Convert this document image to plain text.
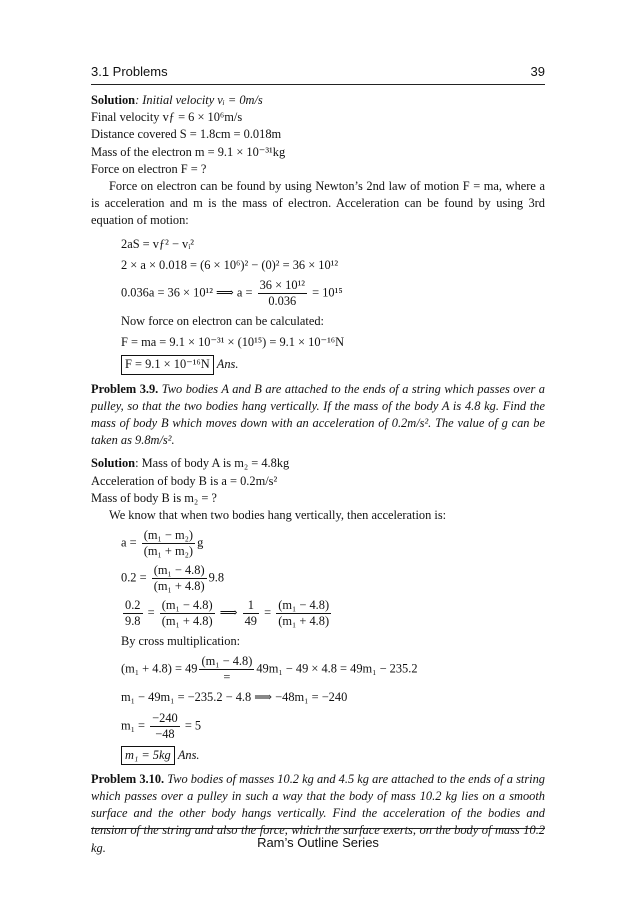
3.1 Problems	39
Solution: Initial velocity vᵢ = 0m/s
Final velocity vƒ = 6 × 10⁶m/s
Distance covered S = 1.8cm = 0.018m
Mass of the electron m = 9.1 × 10⁻³¹kg
Force on electron F = ?
Force on electron can be found by using Newton’s 2nd law of motion F = ma, where a is acceleration and m is the mass of electron. Acceleration can be found by using 3rd equation of motion:
2aS = vƒ² − vᵢ²
2 × a × 0.018 = (6 × 10⁶)² − (0)² = 36 × 10¹²
0.036a = 36 × 10¹² ⟹ $a = \frac{\text{36 × 10¹²}}{0.036} = 10^{15}$
Now force on electron can be calculated:
F = ma = 9.1 × 10⁻³¹ × (10¹⁵) = 9.1 × 10⁻¹⁶N
F = 9.1 × 10⁻¹⁶N Ans.
Problem 3.9. Two bodies A and B are attached to the ends of a string which passes over a pulley, so that the two bodies hang vertically. If the mass of the body A is 4.8 kg. Find the mass of body B which moves down with an acceleration of 0.2m/s². The value of g can be taken as 9.8m/s².
Solution: Mass of body A is m₂ = 4.8kg
Acceleration of body B is a = 0.2m/s²
Mass of body B is m₂ = ?
We know that when two bodies hang vertically, then acceleration is:
$a = \frac{\text{(m₁ − m₂)}}{\text{(m₁ + m₂)}}$ g
$0.2 = \frac{\text{(m₁ − 4.8)}}{\text{(m₁ + 4.8)}} 9.8$
$\frac{0.2}{9.8} = \frac{\text{(m₁ − 4.8)}}{\text{(m₁ + 4.8)}}$ ⟹ $\frac{1}{49} = \frac{\text{(m₁ − 4.8)}}{\text{(m₁ + 4.8)}}$
By cross multiplication:
$(m_1 + 4.8) = 49 \frac{\text{(m₁ − 4.8)}}{=} 49m_1 - 49 \times 4.8 = 49m_1 - 235.2$
m₁ − 49m₁ = −235.2 − 4.8 ⟹ −48m₁ = −240
$m_1 = \frac{-240}{-48} = 5$
m₁ = 5kg Ans.
Problem 3.10. Two bodies of masses 10.2 kg and 4.5 kg are attached to the ends of a string which passes over a pulley in such a way that the body of mass 10.2 kg lies on a smooth surface and the other body hangs vertically. Find the acceleration of the bodies and tension of the string and also the force, which the surface exerts, on the body of mass 10.2 kg.	Ram’s Outline Series
